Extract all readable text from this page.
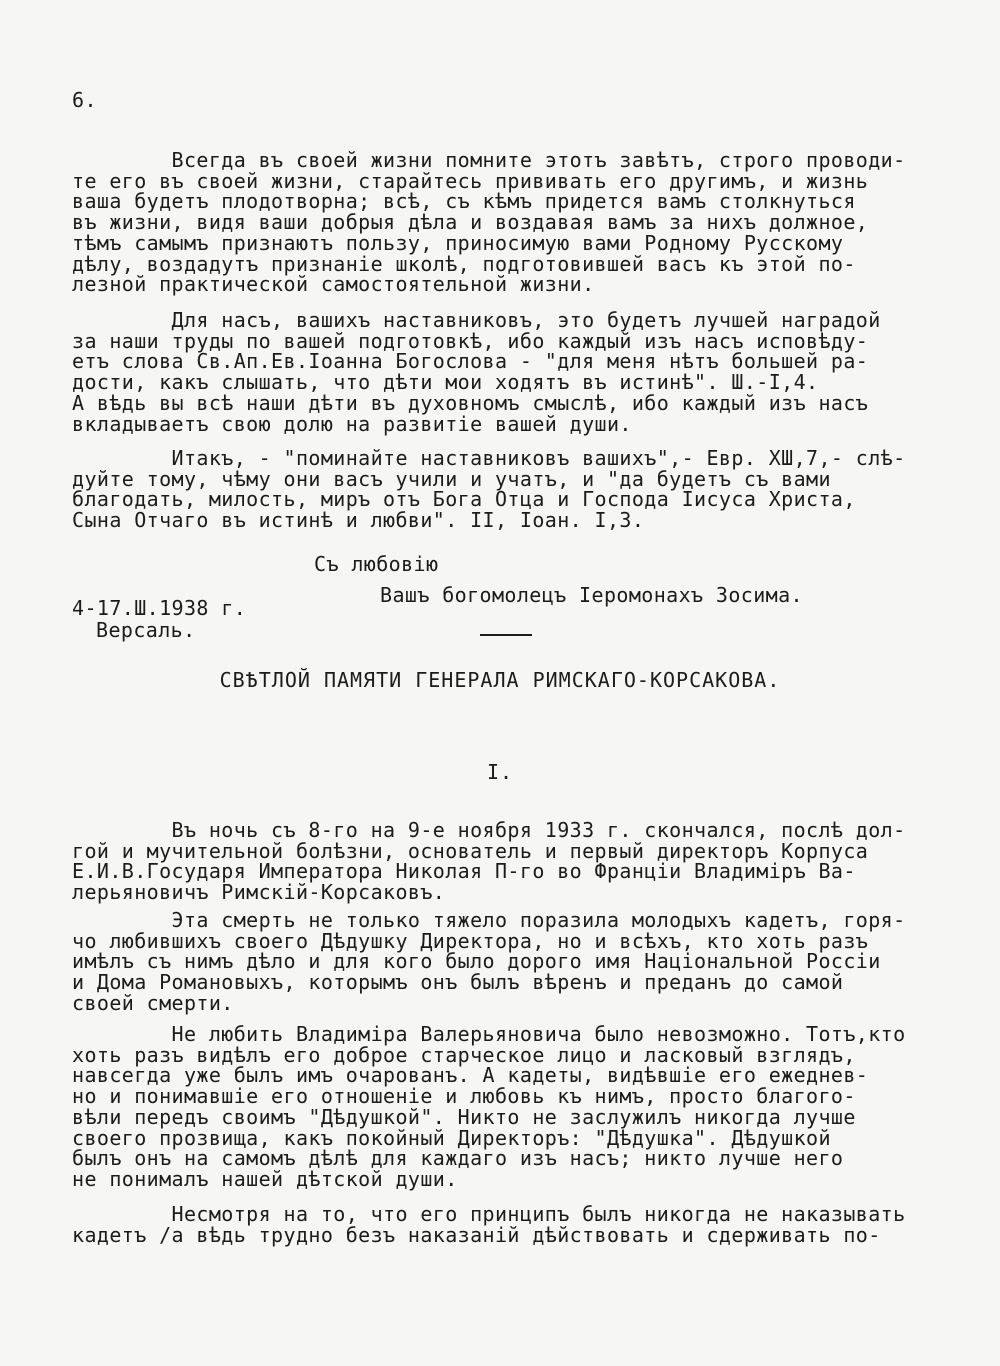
6.
Всегда въ своей жизни помните этотъ завѣтъ, строго проводи-
те его въ своей жизни, старайтесь прививать его другимъ, и жизнь
ваша будетъ плодотворна; всѣ, съ кѣмъ придется вамъ столкнуться
въ жизни, видя ваши добрыя дѣла и воздавая вамъ за нихъ должное,
тѣмъ самымъ признаютъ пользу, приносимую вами Родному Русскому
дѣлу, воздадутъ признаніе школѣ, подготовившей васъ къ этой по-
лезной практической самостоятельной жизни.
Для насъ, вашихъ наставниковъ, это будетъ лучшей наградой
за наши труды по вашей подготовкѣ, ибо каждый изъ насъ исповѣду-
етъ слова Св.Ап.Ев.Іоанна Богослова - "для меня нѣтъ большей ра-
дости, какъ слышать, что дѣти мои ходятъ въ истинѣ". Ш.-І,4.
А вѣдь вы всѣ наши дѣти въ духовномъ смыслѣ, ибо каждый изъ насъ
вкладываетъ свою долю на развитіе вашей души.
Итакъ, - "поминайте наставниковъ вашихъ",- Евр. ХШ,7,- слѣ-
дуйте тому, чѣму они васъ учили и учатъ, и "да будетъ съ вами
благодать, милость, миръ отъ Бога Отца и Господа Іисуса Христа,
Сына Отчаго въ истинѣ и любви". II, Іоан. I,3.
Съ любовію
Вашъ богомолецъ Іеромонахъ Зосима.
4-17.Ш.1938 г.
Версаль.
СВѢТЛОЙ ПАМЯТИ ГЕНЕРАЛА РИМСКАГО-КОРСАКОВА.
I.
Въ ночь съ 8-го на 9-е ноября 1933 г. скончался, послѣ дол-
гой и мучительной болѣзни, основатель и первый директоръ Корпуса
Е.И.В.Государя Императора Николая П-го во Франціи Владиміръ Ва-
лерьяновичъ Римскій-Корсаковъ.
Эта смерть не только тяжело поразила молодыхъ кадетъ, горя-
чо любившихъ своего Дѣдушку Директора, но и всѣхъ, кто хоть разъ
имѣлъ съ нимъ дѣло и для кого было дорого имя Національной Россіи
и Дома Романовыхъ, которымъ онъ былъ вѣренъ и преданъ до самой
своей смерти.
Не любить Владиміра Валерьяновича было невозможно. Тотъ,кто
хоть разъ видѣлъ его доброе старческое лицо и ласковый взглядъ,
навсегда уже былъ имъ очарованъ. А кадеты, видѣвшіе его ежеднев-
но и понимавшіе его отношеніе и любовь къ нимъ, просто благого-
вѣли передъ своимъ "Дѣдушкой". Никто не заслужилъ никогда лучше
своего прозвища, какъ покойный Директоръ: "Дѣдушка". Дѣдушкой
былъ онъ на самомъ дѣлѣ для каждаго изъ насъ; никто лучше него
не понималъ нашей дѣтской души.
Несмотря на то, что его принципъ былъ никогда не наказывать
кадетъ /а вѣдь трудно безъ наказаній дѣйствовать и сдерживать по-
